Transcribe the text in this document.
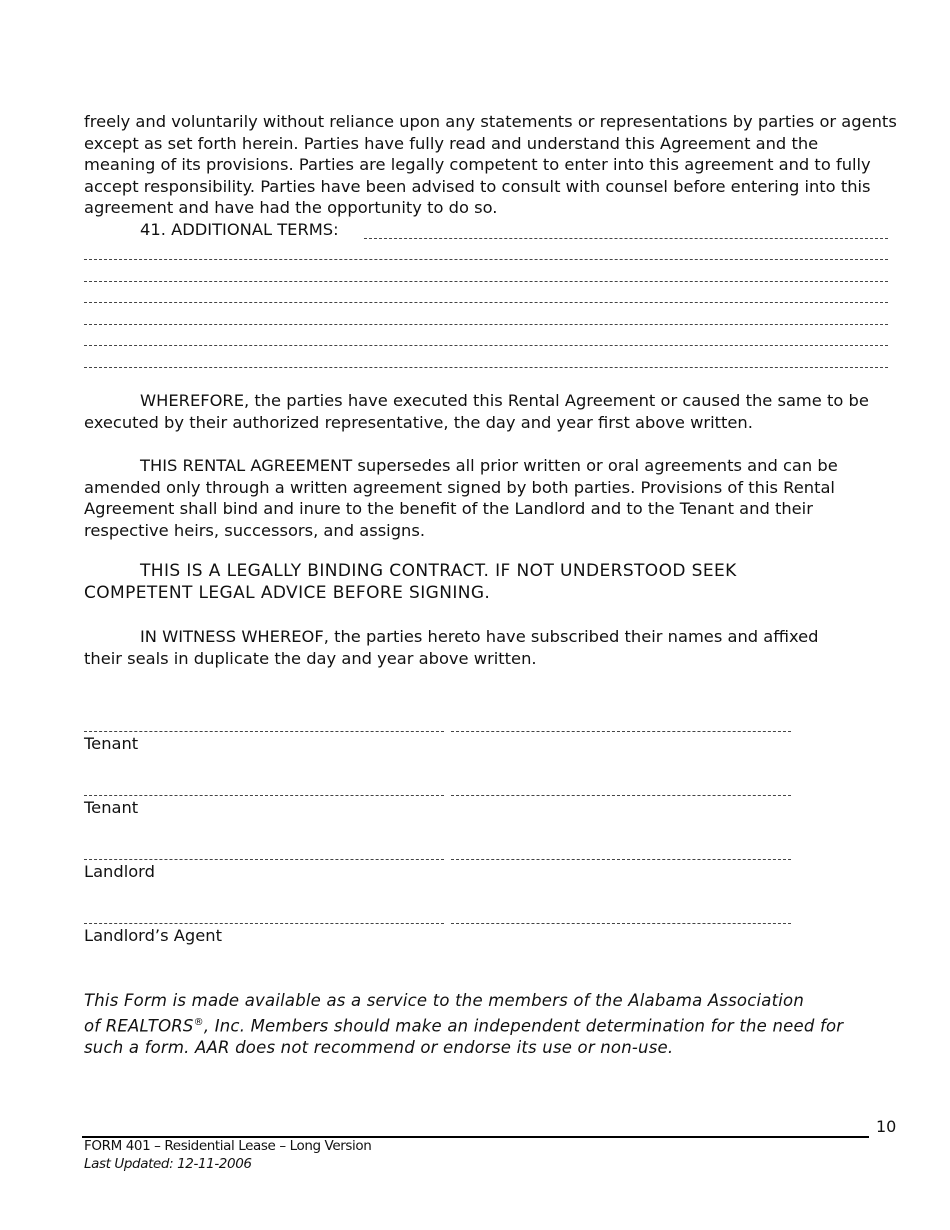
freely and voluntarily without reliance upon any statements or representations by parties or agents
except as set forth herein. Parties have fully read and understand this Agreement and the
meaning of its provisions. Parties are legally competent to enter into this agreement and to fully
accept responsibility. Parties have been advised to consult with counsel before entering into this
agreement and have had the opportunity to do so.
41. ADDITIONAL TERMS:
WHEREFORE, the parties have executed this Rental Agreement or caused the same to be
executed by their authorized representative, the day and year first above written.
THIS RENTAL AGREEMENT supersedes all prior written or oral agreements and can be
amended only through a written agreement signed by both parties. Provisions of this Rental
Agreement shall bind and inure to the benefit of the Landlord and to the Tenant and their
respective heirs, successors, and assigns.
THIS IS A LEGALLY BINDING CONTRACT. IF NOT UNDERSTOOD SEEK
COMPETENT LEGAL ADVICE BEFORE SIGNING.
IN WITNESS WHEREOF, the parties hereto have subscribed their names and affixed
their seals in duplicate the day and year above written.
Tenant
Tenant
Landlord
Landlord’s Agent
This Form is made available as a service to the members of the Alabama Association
of REALTORS®, Inc. Members should make an independent determination for the need for
such a form. AAR does not recommend or endorse its use or non-use.
10
FORM 401 – Residential Lease – Long Version
Last Updated: 12-11-2006
